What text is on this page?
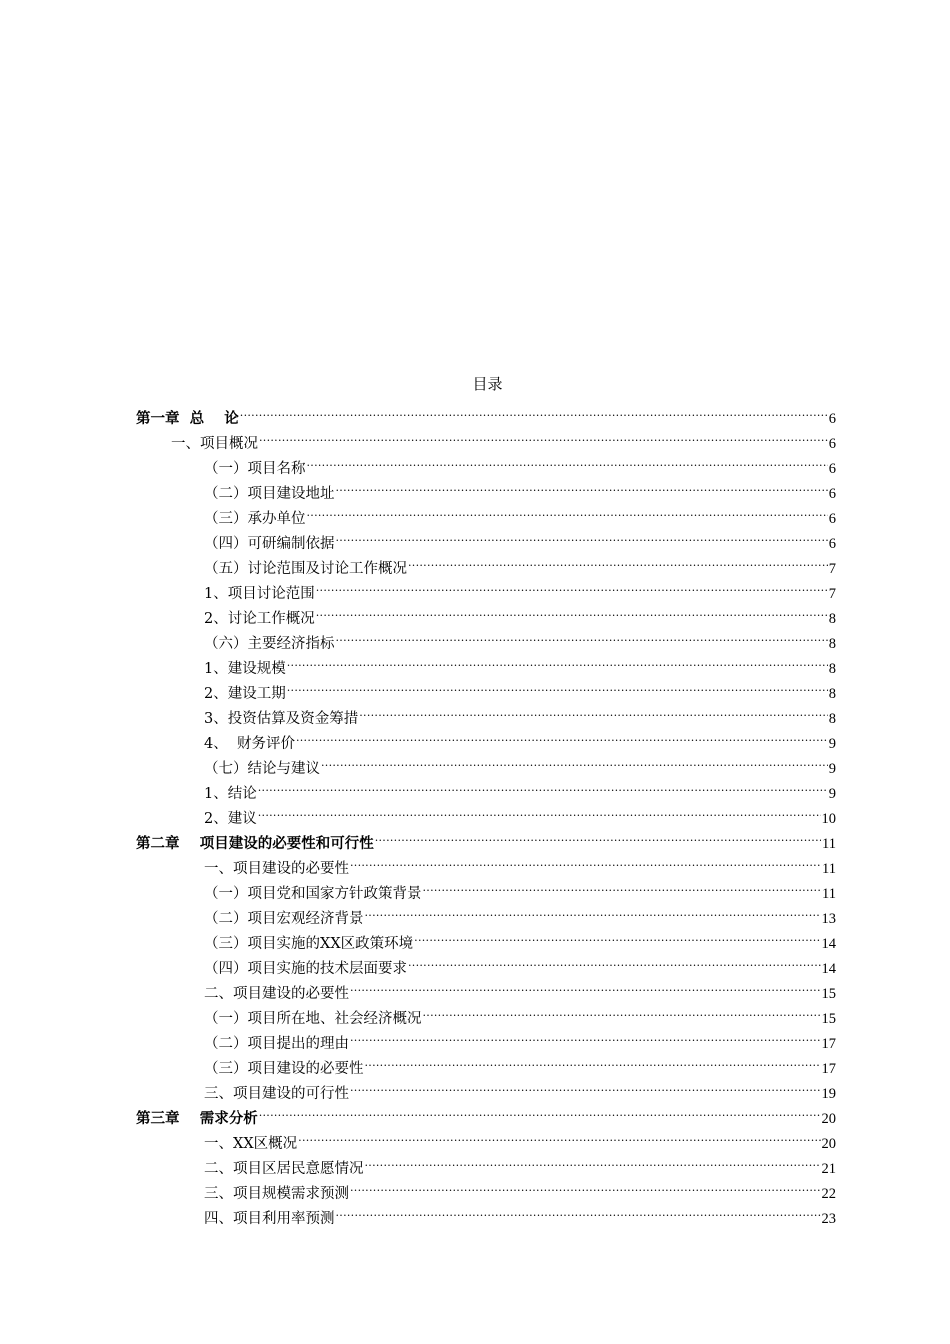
目录
第一章  总    论 .....	6
一、项目概况 .....	6
（一）项目名称 .....	6
（二）项目建设地址 .....	6
（三）承办单位 .....	6
（四）可研编制依据 .....	6
（五）讨论范围及讨论工作概况 .....	7
1、项目讨论范围 .....	7
2、讨论工作概况 .....	8
（六）主要经济指标 .....	8
1、建设规模 .....	8
2、建设工期 .....	8
3、投资估算及资金筹措 .....	8
4、  财务评价 .....	9
（七）结论与建议 .....	9
1、结论 .....	9
2、建议 .....	10
第二章    项目建设的必要性和可行性 .....	11
一、项目建设的必要性 .....	11
（一）项目党和国家方针政策背景 .....	11
（二）项目宏观经济背景 .....	13
（三）项目实施的XX区政策环境 .....	14
（四）项目实施的技术层面要求 .....	14
二、项目建设的必要性 .....	15
（一）项目所在地、社会经济概况 .....	15
（二）项目提出的理由 .....	17
（三）项目建设的必要性 .....	17
三、项目建设的可行性 .....	19
第三章    需求分析 .....	20
一、XX区概况 .....	20
二、项目区居民意愿情况 .....	21
三、项目规模需求预测 .....	22
四、项目利用率预测 .....	23
